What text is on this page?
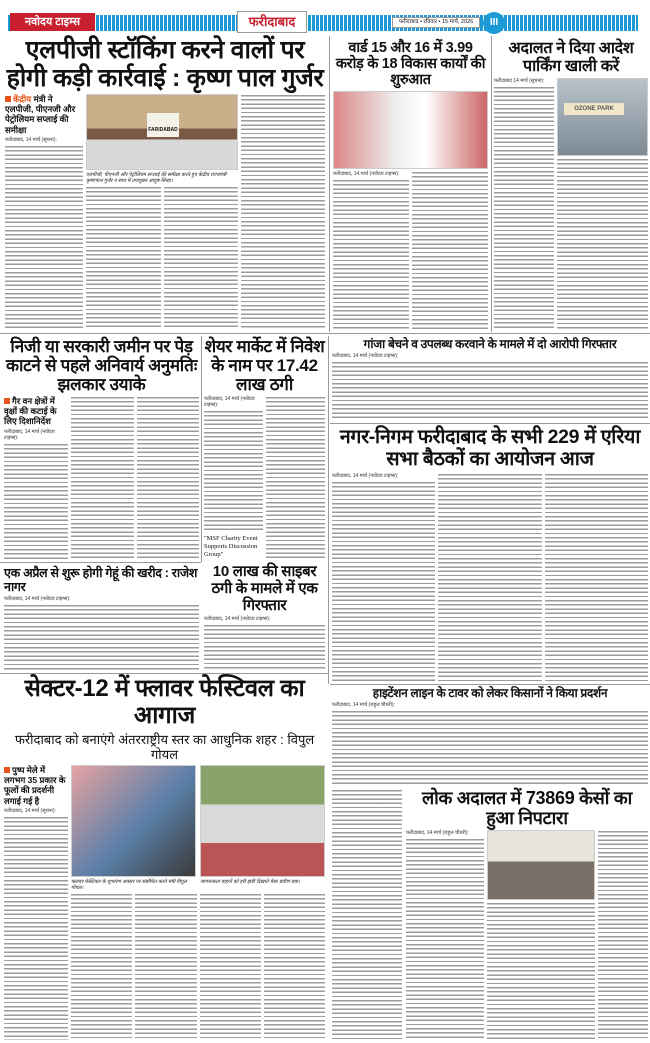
नवोदय टाइम्स	फरीदाबाद	फरीदाबाद • रविवार • 15 मार्च, 2026	III
एलपीजी स्टॉकिंग करने वालों पर होगी कड़ी कार्रवाई : कृष्ण पाल गुर्जर
केंद्रीय मंत्री ने एलपीजी, पीएनजी और पेट्रोलियम सप्लाई की समीक्षा
फरीदाबाद, 14 मार्च (सूचना):
FARIDABAD
एलपीजी, पीएनजी और पेट्रोलियम सप्लाई की समीक्षा करते हुए केंद्रीय राज्यमंत्री कृष्णपाल गुर्जर व साथ में उपायुक्त आयुष सिन्हा।
वार्ड 15 और 16 में 3.99 करोड़ के 18 विकास कार्यों की शुरुआत
फरीदाबाद, 14 मार्च (नवोदय टाइम्स):
अदालत ने दिया आदेश पार्किंग खाली करें
फरीदाबाद 14 मार्च (सूचना):
OZONE PARK
निजी या सरकारी जमीन पर पेड़ काटने से पहले अनिवार्य अनुमतिः झलकार उयाके
गैर वन क्षेत्रों में वृक्षों की कटाई के लिए दिशानिर्देश
फरीदाबाद, 14 मार्च (नवोदय टाइम्स):
शेयर मार्केट में निवेश के नाम पर 17.42 लाख ठगी
फरीदाबाद, 14 मार्च (नवोदय टाइम्स):
"MSF Charity Event Supports Discussion Group"
गांजा बेचने व उपलब्ध करवाने के मामले में दो आरोपी गिरफ्तार
फरीदाबाद, 14 मार्च (नवोदय टाइम्स):
नगर-निगम फरीदाबाद के सभी 229 में एरिया सभा बैठकों का आयोजन आज
फरीदाबाद, 14 मार्च (नवोदय टाइम्स):
एक अप्रैल से शुरू होगी गेहूं की खरीद : राजेश नागर
फरीदाबाद, 14 मार्च (नवोदय टाइम्स):
10 लाख की साइबर ठगी के मामले में एक गिरफ्तार
फरीदाबाद, 14 मार्च (नवोदय टाइम्स):
सेक्टर-12 में फ्लावर फेस्टिवल का आगाज
फरीदाबाद को बनाएंगे अंतरराष्ट्रीय स्तर का आधुनिक शहर : विपुल गोयल
पुष्प मेले में लगभग 35 प्रकार के फूलों की प्रदर्शनी लगाई गई है
फरीदाबाद, 14 मार्च (सूचना):
फ्लावर फेस्टिवल के शुभारंभ अवसर पर संबोधित करते मंत्री विपुल गोयल।
जागरूकता वाहनों को हरी झंडी दिखाते मेयर प्रवीण बत्रा।
हाइटेंशन लाइन के टावर को लेकर किसानों ने किया प्रदर्शन
फरीदाबाद, 14 मार्च (राहुल चौधरी):
लोक अदालत में 73869 केसों का हुआ निपटारा
फरीदाबाद, 14 मार्च (राहुल चौधरी):
